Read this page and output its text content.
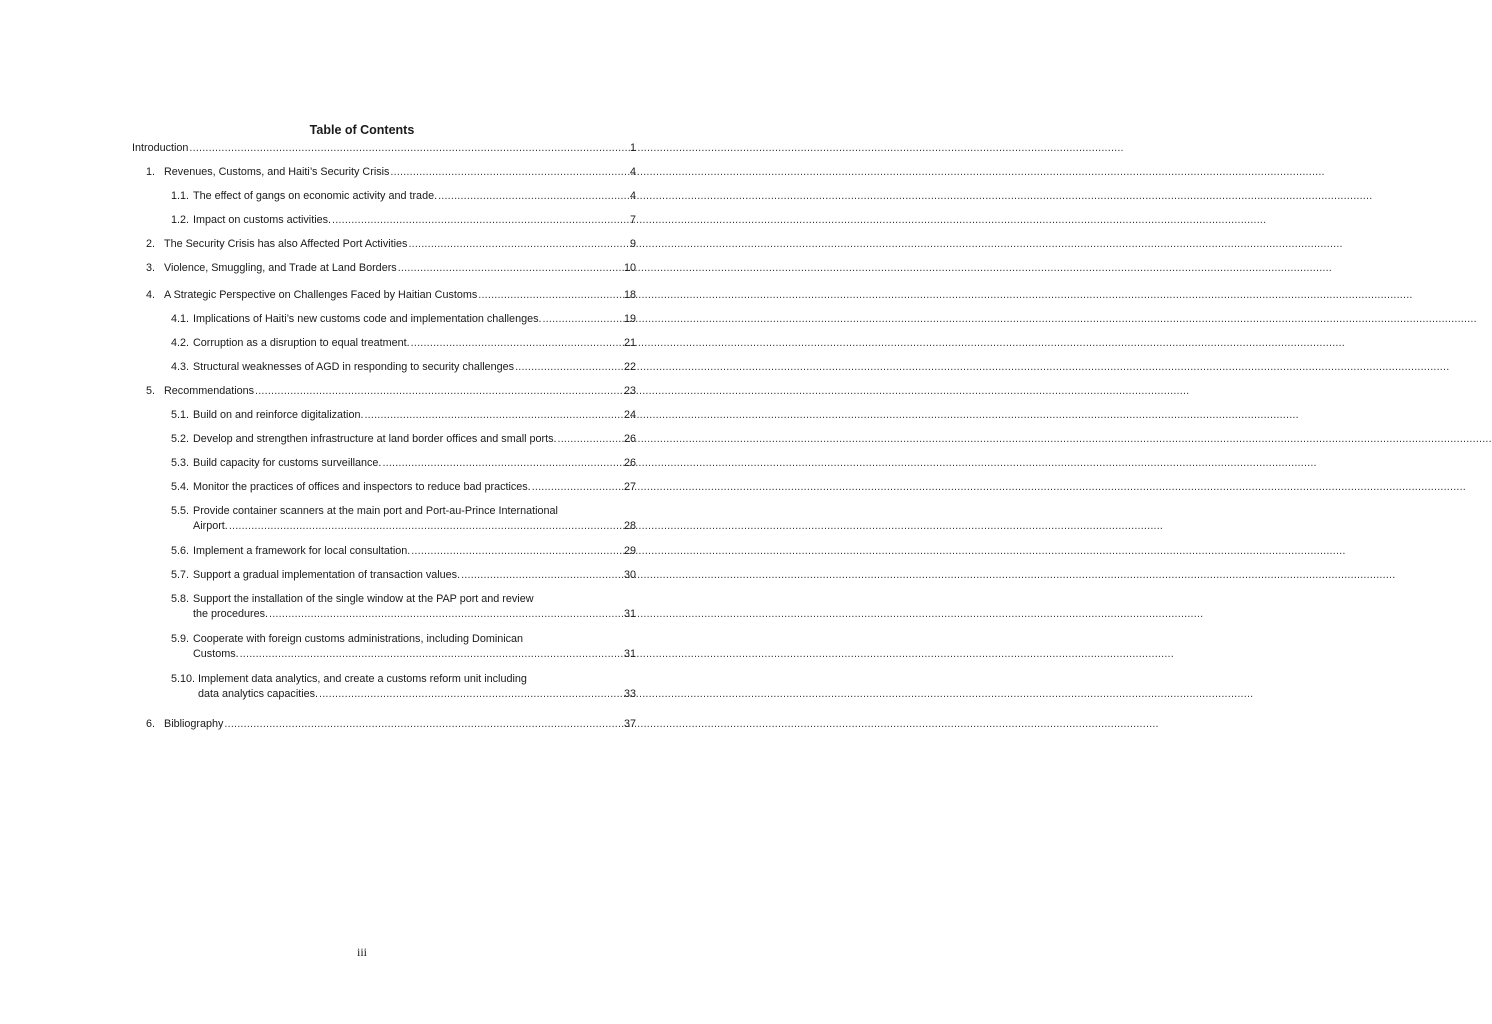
Table of Contents
Introduction .....	1
1. Revenues, Customs, and Haiti’s Security Crisis .....	4
1.1. The effect of gangs on economic activity and trade. .....	4
1.2. Impact on customs activities. .....	7
2. The Security Crisis has also Affected Port Activities .....	9
3. Violence, Smuggling, and Trade at Land Borders .....	10
4. A Strategic Perspective on Challenges Faced by Haitian Customs .....	18
4.1. Implications of Haiti’s new customs code and implementation challenges. .....	19
4.2. Corruption as a disruption to equal treatment. .....	21
4.3. Structural weaknesses of AGD in responding to security challenges .....	22
5. Recommendations .....	23
5.1. Build on and reinforce digitalization. .....	24
5.2. Develop and strengthen infrastructure at land border offices and small ports. .....	26
5.3. Build capacity for customs surveillance. .....	26
5.4. Monitor the practices of offices and inspectors to reduce bad practices. .....	27
5.5. Provide container scanners at the main port and Port-au-Prince International
Airport. .....	28
5.6. Implement a framework for local consultation. .....	29
5.7. Support a gradual implementation of transaction values. .....	30
5.8. Support the installation of the single window at the PAP port and review
the procedures. .....	31
5.9. Cooperate with foreign customs administrations, including Dominican
Customs. .....	31
5.10. Implement data analytics, and create a customs reform unit including
data analytics capacities. .....	33
6. Bibliography .....	37
iii
